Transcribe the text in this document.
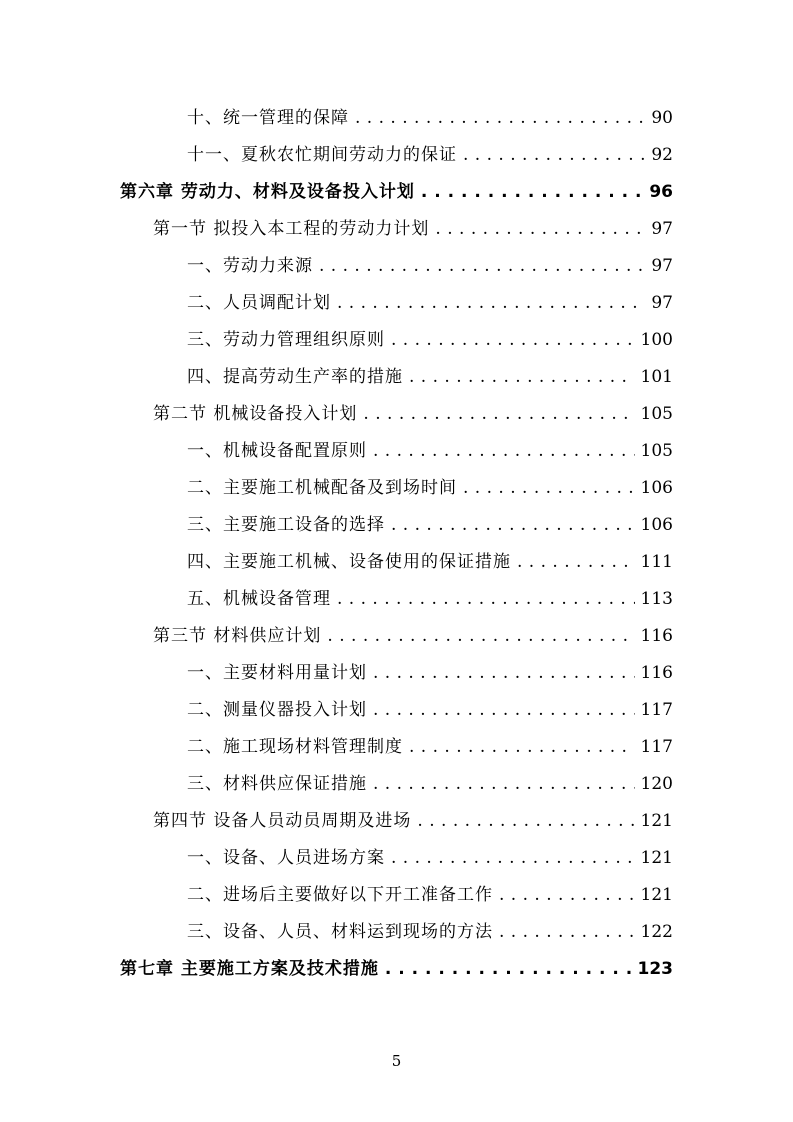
十、统一管理的保障 . . .	90
十一、夏秋农忙期间劳动力的保证 . . .	92
第六章 劳动力、材料及设备投入计划 . . .	96
第一节 拟投入本工程的劳动力计划 . . .	97
一、劳动力来源 . . .	97
二、人员调配计划 . . .	97
三、劳动力管理组织原则 . . .	100
四、提高劳动生产率的措施 . . .	101
第二节 机械设备投入计划 . . .	105
一、机械设备配置原则 . . .	105
二、主要施工机械配备及到场时间 . . .	106
三、主要施工设备的选择 . . .	106
四、主要施工机械、设备使用的保证措施 . . .	111
五、机械设备管理 . . .	113
第三节 材料供应计划 . . .	116
一、主要材料用量计划 . . .	116
二、测量仪器投入计划 . . .	117
二、施工现场材料管理制度 . . .	117
三、材料供应保证措施 . . .	120
第四节 设备人员动员周期及进场 . . .	121
一、设备、人员进场方案 . . .	121
二、进场后主要做好以下开工准备工作 . . .	121
三、设备、人员、材料运到现场的方法 . . .	122
第七章 主要施工方案及技术措施 . . .	123
5
